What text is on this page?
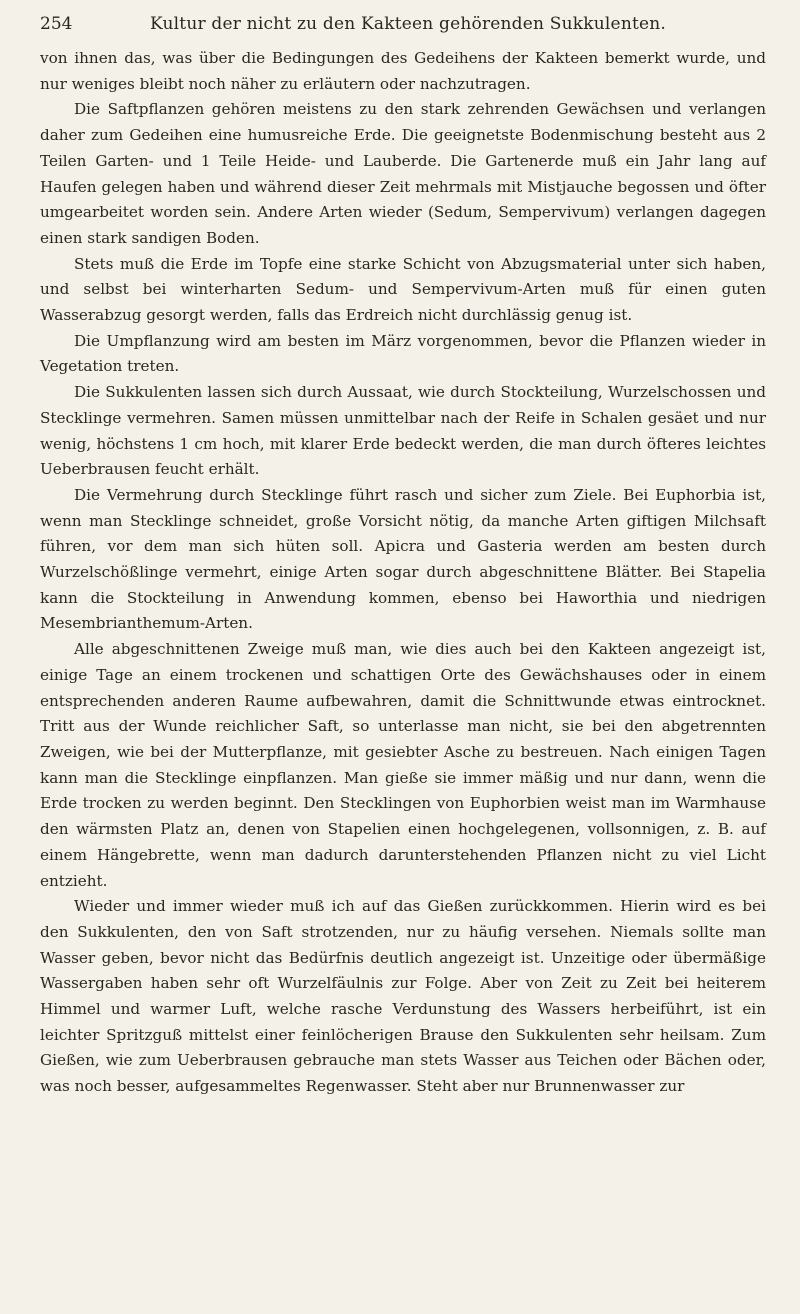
254	Kultur der nicht zu den Kakteen gehörenden Sukkulenten.

von ihnen das, was über die Bedingungen des Gedeihens der Kakteen bemerkt wurde, und nur weniges bleibt noch näher zu erläutern oder nachzutragen.

Die Saftpflanzen gehören meistens zu den stark zehrenden Gewächsen und verlangen daher zum Gedeihen eine humusreiche Erde. Die geeignetste Bodenmischung besteht aus 2 Teilen Garten- und 1 Teile Heide- und Lauberde. Die Gartenerde muß ein Jahr lang auf Haufen gelegen haben und während dieser Zeit mehrmals mit Mistjauche begossen und öfter umgearbeitet worden sein. Andere Arten wieder (Sedum, Sempervivum) verlangen dagegen einen stark sandigen Boden.

Stets muß die Erde im Topfe eine starke Schicht von Abzugsmaterial unter sich haben, und selbst bei winterharten Sedum- und Sempervivum-Arten muß für einen guten Wasserabzug gesorgt werden, falls das Erdreich nicht durchlässig genug ist.

Die Umpflanzung wird am besten im März vorgenommen, bevor die Pflanzen wieder in Vegetation treten.

Die Sukkulenten lassen sich durch Aussaat, wie durch Stockteilung, Wurzelschossen und Stecklinge vermehren. Samen müssen unmittelbar nach der Reife in Schalen gesäet und nur wenig, höchstens 1 cm hoch, mit klarer Erde bedeckt werden, die man durch öfteres leichtes Ueberbrausen feucht erhält.

Die Vermehrung durch Stecklinge führt rasch und sicher zum Ziele. Bei Euphorbia ist, wenn man Stecklinge schneidet, große Vorsicht nötig, da manche Arten giftigen Milchsaft führen, vor dem man sich hüten soll. Apicra und Gasteria werden am besten durch Wurzelschößlinge vermehrt, einige Arten sogar durch abgeschnittene Blätter. Bei Stapelia kann die Stockteilung in Anwendung kommen, ebenso bei Haworthia und niedrigen Mesembrianthemum-Arten.

Alle abgeschnittenen Zweige muß man, wie dies auch bei den Kakteen angezeigt ist, einige Tage an einem trockenen und schattigen Orte des Gewächshauses oder in einem entsprechenden anderen Raume aufbewahren, damit die Schnittwunde etwas eintrocknet. Tritt aus der Wunde reichlicher Saft, so unterlasse man nicht, sie bei den abgetrennten Zweigen, wie bei der Mutterpflanze, mit gesiebter Asche zu bestreuen. Nach einigen Tagen kann man die Stecklinge einpflanzen. Man gieße sie immer mäßig und nur dann, wenn die Erde trocken zu werden beginnt. Den Stecklingen von Euphorbien weist man im Warmhause den wärmsten Platz an, denen von Stapelien einen hochgelegenen, vollsonnigen, z. B. auf einem Hängebrette, wenn man dadurch darunterstehenden Pflanzen nicht zu viel Licht entzieht.

Wieder und immer wieder muß ich auf das Gießen zurückkommen. Hierin wird es bei den Sukkulenten, den von Saft strotzenden, nur zu häufig versehen. Niemals sollte man Wasser geben, bevor nicht das Bedürfnis deutlich angezeigt ist. Unzeitige oder übermäßige Wassergaben haben sehr oft Wurzelfäulnis zur Folge. Aber von Zeit zu Zeit bei heiterem Himmel und warmer Luft, welche rasche Verdunstung des Wassers herbeiführt, ist ein leichter Spritzguß mittelst einer feinlöcherigen Brause den Sukkulenten sehr heilsam. Zum Gießen, wie zum Ueberbrausen gebrauche man stets Wasser aus Teichen oder Bächen oder, was noch besser, aufgesammeltes Regenwasser. Steht aber nur Brunnenwasser zur
